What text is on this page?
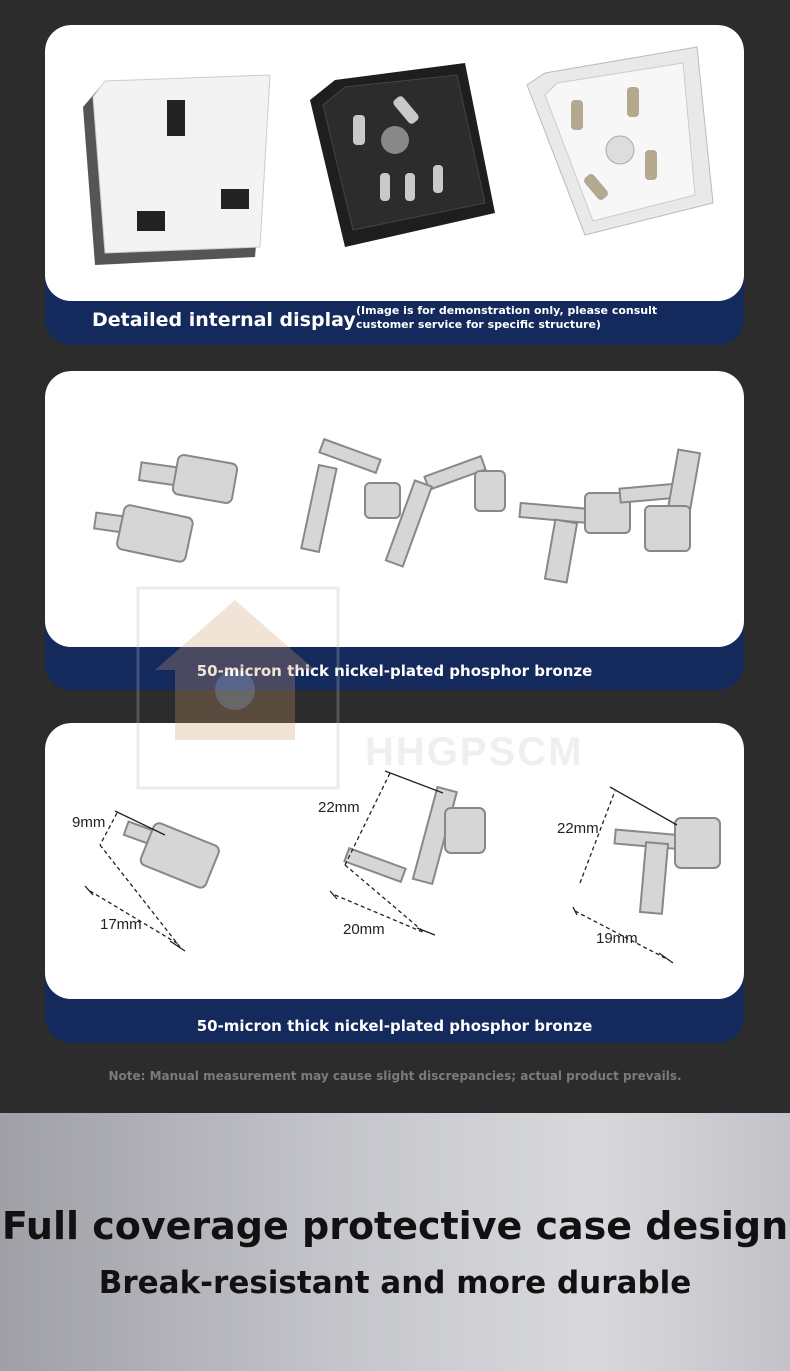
Detailed internal display (Image is for demonstration only, please consult customer service for specific structure)
50-micron thick nickel-plated phosphor bronze
9mm
17mm
22mm
20mm
22mm
19mm
50-micron thick nickel-plated phosphor bronze
HHGPSCM
Note: Manual measurement may cause slight discrepancies; actual product prevails.
Full coverage protective case design
Break-resistant and more durable
